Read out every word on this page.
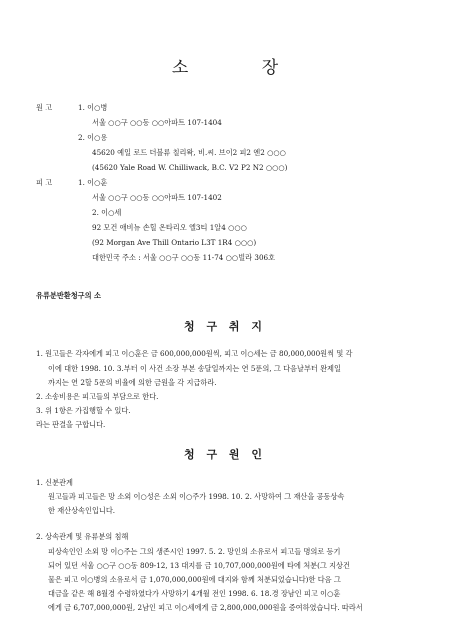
소 장
원 고	1. 이○병
서울 ○○구 ○○동 ○○아파트 107-1404
2. 이○용
45620 예일 로드 더블류 칠리왁, 비.씨. 브이2 피2 엔2 ○○○
(45620 Yale Road W. Chilliwack, B.C. V2 P2 N2 ○○○)
피 고	1. 이○훈
서울 ○○구 ○○동 ○○아파트 107-1402
2. 이○세
92 모건 애비뉴 손힐 온타리오 엘3티 1알4 ○○○
(92 Morgan Ave Thill Ontario L3T 1R4 ○○○)
대한민국 주소 : 서울 ○○구 ○○동 11-74 ○○빌라 306호
유류분반환청구의 소
청 구 취 지
1. 원고들은 각자에게 피고 이○훈은 금 600,000,000원씩, 피고 이○세는 금 80,000,000원씩 및 각
이에 대한 1998. 10. 3.부터 이 사건 소장 부본 송달일까지는 연 5푼의, 그 다음날부터 완제일
까지는 연 2할 5푼의 비율에 의한 금원을 각 지급하라.
2. 소송비용은 피고들의 부담으로 한다.
3. 위 1항은 가집행할 수 있다.
라는 판결을 구합니다.
청 구 원 인
1. 신분관계
원고들과 피고들은 망 소외 이○성은 소외 이○주가 1998. 10. 2. 사망하여 그 재산을 공동상속
한 재산상속인입니다.
2. 상속관계 및 유류분의 침해
피상속인인 소외 망 이○주는 그의 생존시인 1997. 5. 2. 망인의 소유로서 피고들 명의로 등기
되어 있던 서울 ○○구 ○○동 809-12, 13 대지를 금 10,707,000,000원에 타에 처분(그 지상건
물은 피고 이○병의 소유로서 금 1,070,000,000원에 대지와 함께 처분되었습니다)한 다음 그
대금을 같은 해 8월경 수령하였다가 사망하기 4개월 전인 1998. 6. 18.경 장남인 피고 이○훈
에게 금 6,707,000,000원, 2남인 피고 이○세에게 금 2,800,000,000원을 증여하였습니다. 따라서
